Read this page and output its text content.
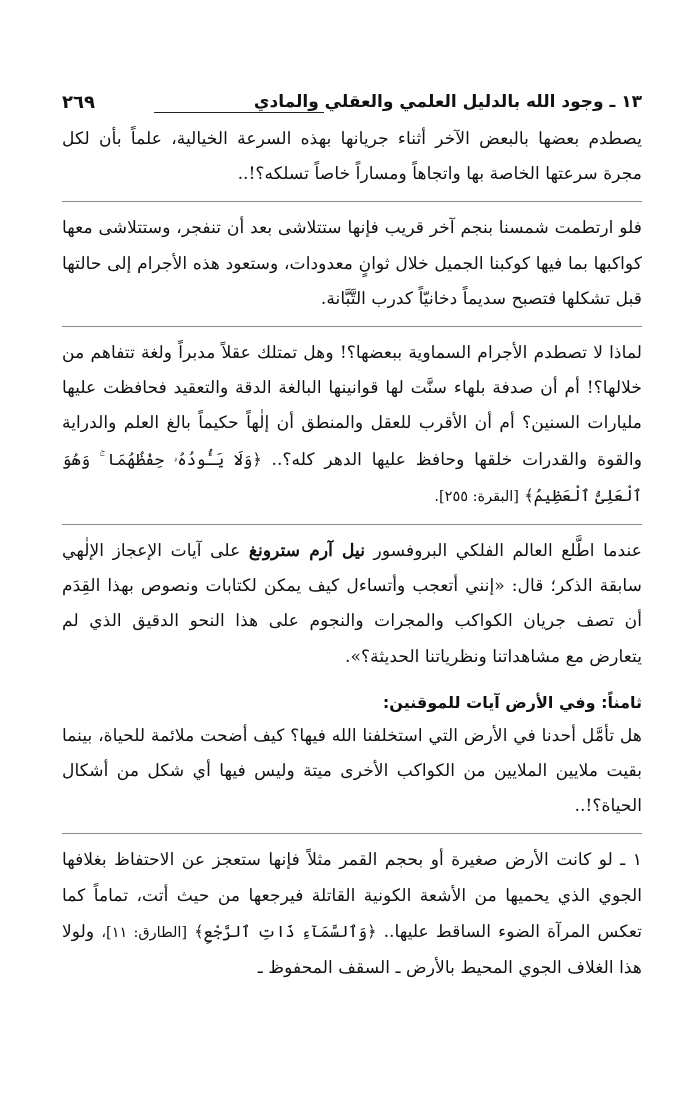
١٣ ـ وجود الله بالدليل العلمي والعقلي والمادي
٢٦٩

يصطدم بعضها بالبعض الآخر أثناء جريانها بهذه السرعة الخيالية، علماً بأن لكل مجرة سرعتها الخاصة بها واتجاهاً ومساراً خاصاً تسلكه؟!..

فلو ارتطمت شمسنا بنجم آخر قريب فإنها ستتلاشى بعد أن تنفجر، وستتلاشى معها كواكبها بما فيها كوكبنا الجميل خلال ثوانٍ معدودات، وستعود هذه الأجرام إلى حالتها قبل تشكلها فتصبح سديماً دخانيّاً كدرب التَّبَّانة.

لماذا لا تصطدم الأجرام السماوية ببعضها؟! وهل تمتلك عقلاً مدبراً ولغة تتفاهم من خلالها؟! أم أن صدفة بلهاء سنَّت لها قوانينها البالغة الدقة والتعقيد فحافظت عليها مليارات السنين؟ أم أن الأقرب للعقل والمنطق أن إلٰهاً حكيماً بالغ العلم والدراية والقوة والقدرات خلقها وحافظ عليها الدهر كله؟.. ﴿وَلَا يَـُٔودُهُۥ حِفْظُهُمَا ۚ وَهُوَ ٱلْعَلِىُّ ٱلْعَظِيمُ﴾ [البقرة: ٢٥٥].

عندما اطَّلع العالم الفلكي البروفسور نيل آرم سترونغ على آيات الإعجاز الإلٰهي سابقة الذكر؛ قال: «إنني أتعجب وأتساءل كيف يمكن لكتابات ونصوص بهذا القِدَم أن تصف جريان الكواكب والمجرات والنجوم على هذا النحو الدقيق الذي لم يتعارض مع مشاهداتنا ونظرياتنا الحديثة؟».

ثامناً: وفي الأرض آيات للموقنين:

هل تأمَّل أحدنا في الأرض التي استخلفنا الله فيها؟ كيف أضحت ملائمة للحياة، بينما بقيت ملايين الملايين من الكواكب الأخرى ميتة وليس فيها أي شكل من أشكال الحياة؟!..

١ ـ لو كانت الأرض صغيرة أو بحجم القمر مثلاً فإنها ستعجز عن الاحتفاظ بغلافها الجوي الذي يحميها من الأشعة الكونية القاتلة فيرجعها من حيث أتت، تماماً كما تعكس المرآة الضوء الساقط عليها.. ﴿وَٱلسَّمَآءِ ذَاتِ ٱلرَّجْعِ﴾ [الطارق: ١١]، ولولا هذا الغلاف الجوي المحيط بالأرض ـ السقف المحفوظ ـ
